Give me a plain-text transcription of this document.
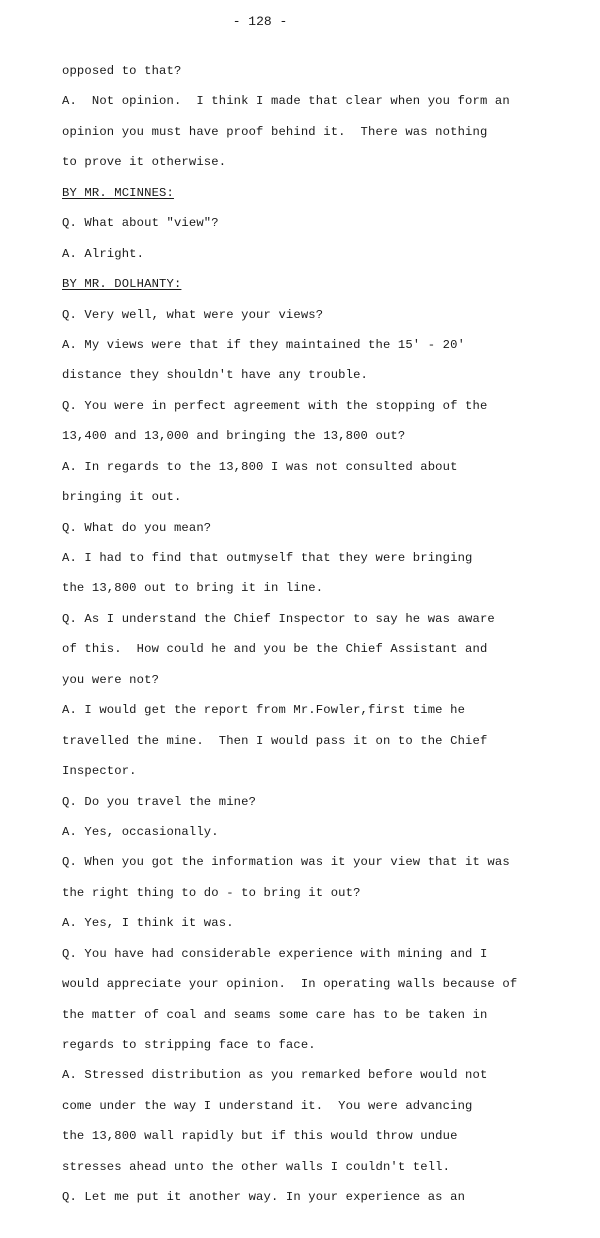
- 128 -
opposed to that?
A.  Not opinion.  I think I made that clear when you form an
opinion you must have proof behind it.  There was nothing
to prove it otherwise.
BY MR. MCINNES:
Q. What about "view"?
A. Alright.
BY MR. DOLHANTY:
Q. Very well, what were your views?
A. My views were that if they maintained the 15' - 20'
distance they shouldn't have any trouble.
Q. You were in perfect agreement with the stopping of the
13,400 and 13,000 and bringing the 13,800 out?
A. In regards to the 13,800 I was not consulted about
bringing it out.
Q. What do you mean?
A. I had to find that outmyself that they were bringing
the 13,800 out to bring it in line.
Q. As I understand the Chief Inspector to say he was aware
of this.  How could he and you be the Chief Assistant and
you were not?
A. I would get the report from Mr.Fowler,first time he
travelled the mine.  Then I would pass it on to the Chief
Inspector.
Q. Do you travel the mine?
A. Yes, occasionally.
Q. When you got the information was it your view that it was
the right thing to do - to bring it out?
A. Yes, I think it was.
Q. You have had considerable experience with mining and I
would appreciate your opinion.  In operating walls because of
the matter of coal and seams some care has to be taken in
regards to stripping face to face.
A. Stressed distribution as you remarked before would not
come under the way I understand it.  You were advancing
the 13,800 wall rapidly but if this would throw undue
stresses ahead unto the other walls I couldn't tell.
Q. Let me put it another way. In your experience as an
